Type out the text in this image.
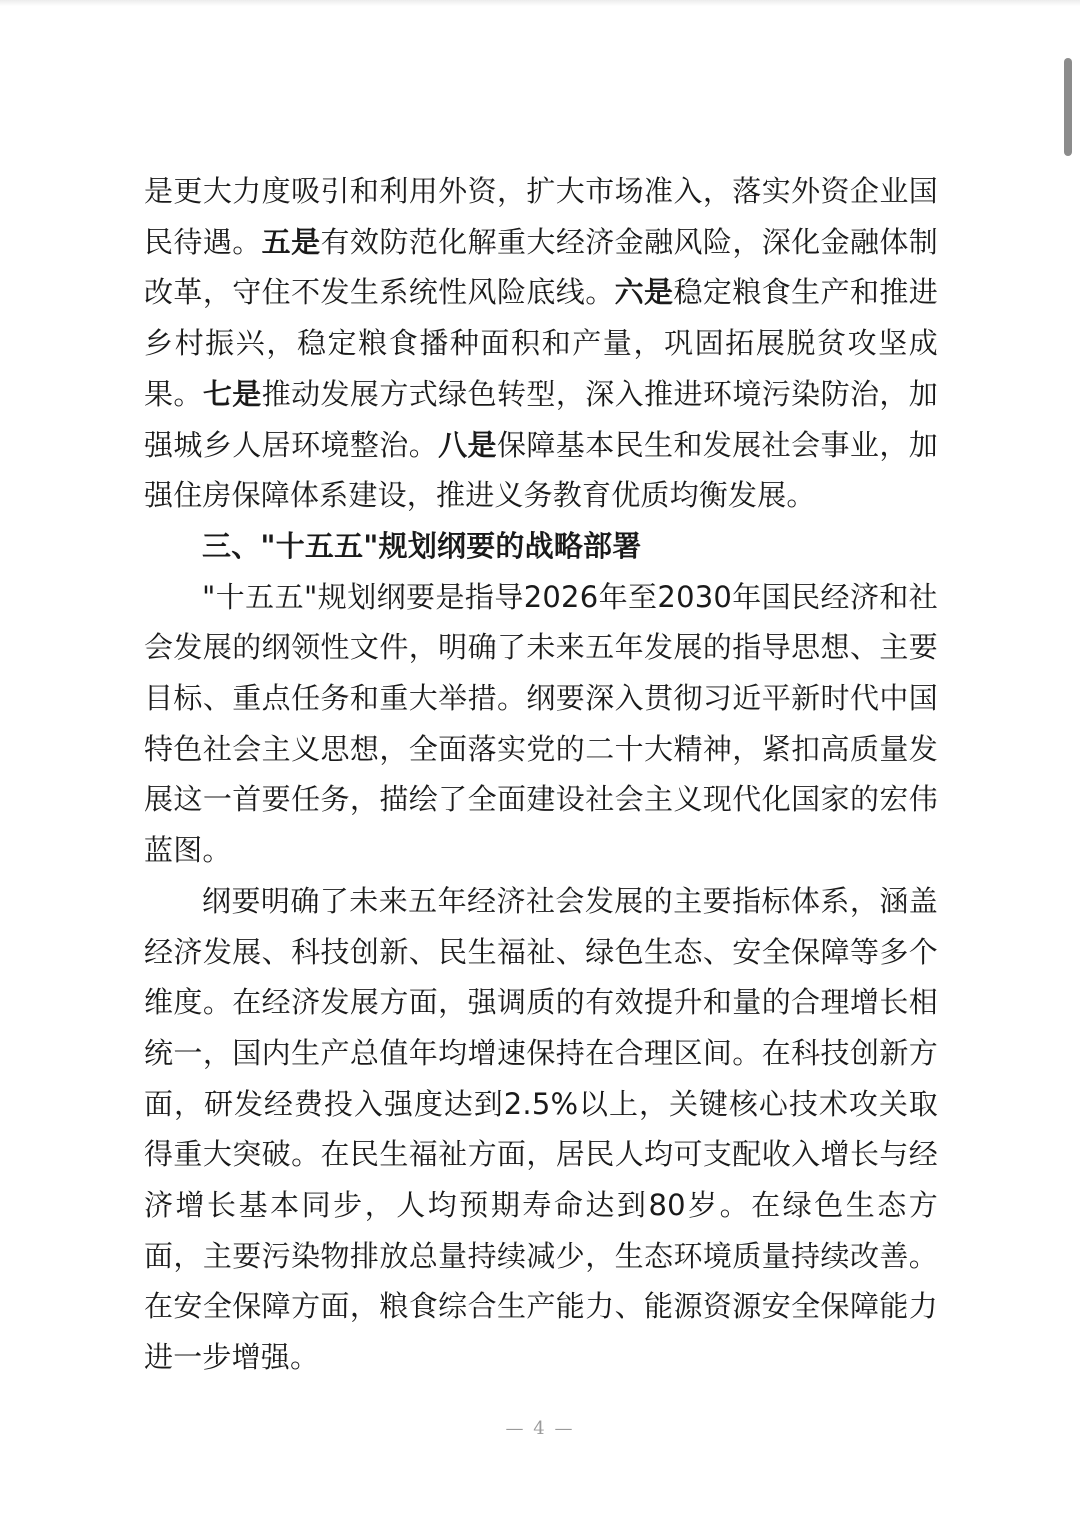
是更大力度吸引和利用外资，扩大市场准入，落实外资企业国民待遇。五是有效防范化解重大经济金融风险，深化金融体制改革，守住不发生系统性风险底线。六是稳定粮食生产和推进乡村振兴，稳定粮食播种面积和产量，巩固拓展脱贫攻坚成果。七是推动发展方式绿色转型，深入推进环境污染防治，加强城乡人居环境整治。八是保障基本民生和发展社会事业，加强住房保障体系建设，推进义务教育优质均衡发展。

三、"十五五"规划纲要的战略部署

"十五五"规划纲要是指导2026年至2030年国民经济和社会发展的纲领性文件，明确了未来五年发展的指导思想、主要目标、重点任务和重大举措。纲要深入贯彻习近平新时代中国特色社会主义思想，全面落实党的二十大精神，紧扣高质量发展这一首要任务，描绘了全面建设社会主义现代化国家的宏伟蓝图。

纲要明确了未来五年经济社会发展的主要指标体系，涵盖经济发展、科技创新、民生福祉、绿色生态、安全保障等多个维度。在经济发展方面，强调质的有效提升和量的合理增长相统一，国内生产总值年均增速保持在合理区间。在科技创新方面，研发经费投入强度达到2.5%以上，关键核心技术攻关取得重大突破。在民生福祉方面，居民人均可支配收入增长与经济增长基本同步，人均预期寿命达到80岁。在绿色生态方面，主要污染物排放总量持续减少，生态环境质量持续改善。在安全保障方面，粮食综合生产能力、能源资源安全保障能力进一步增强。

— 4 —
